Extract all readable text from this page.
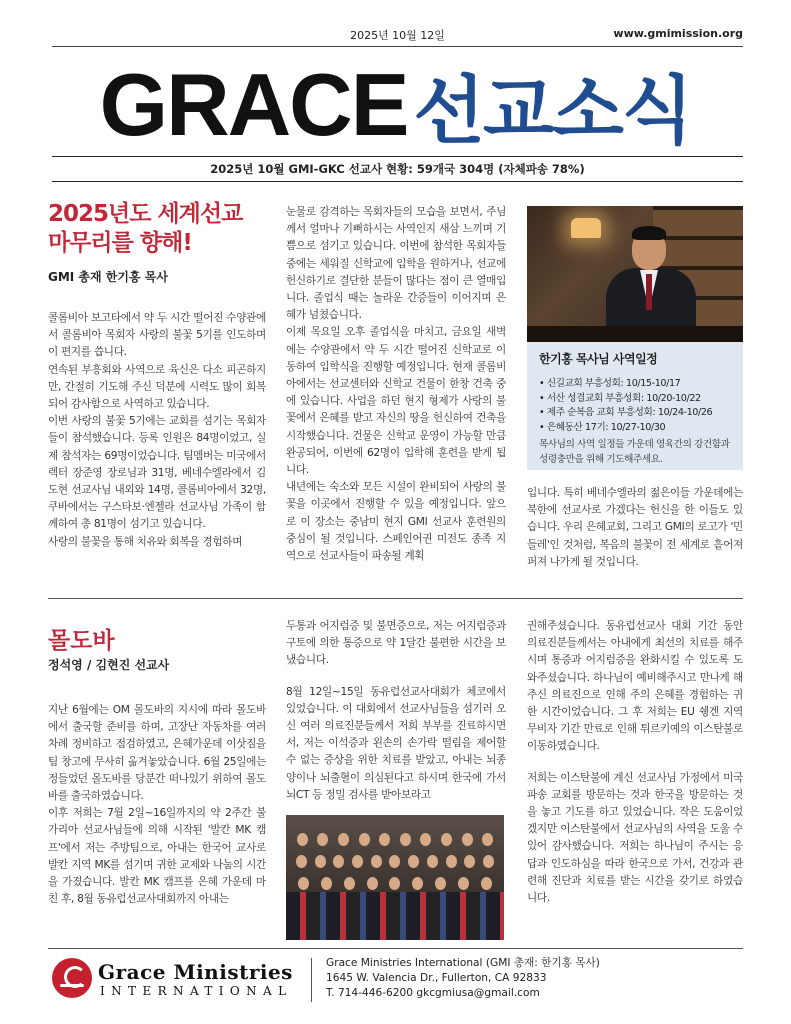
2025년 10월 12일	www.gmimission.org
GRACE선교소식
2025년 10월 GMI-GKC 선교사 현황: 59개국 304명 (자체파송 78%)
2025년도 세계선교
마무리를 향해!
GMI 총재 한기홍 목사

콜롬비아 보고타에서 약 두 시간 떨어진 수양관에서 콜롬비아 목회자 사랑의 불꽃 5기를 인도하며 이 편지를 씁니다.

연속된 부흥회와 사역으로 육신은 다소 피곤하지만, 간절히 기도해 주신 덕분에 시력도 많이 회복되어 감사함으로 사역하고 있습니다.

이번 사랑의 불꽃 5기에는 교회를 섬기는 목회자들이 참석했습니다. 등록 인원은 84명이었고, 실제 참석자는 69명이었습니다. 팀멤버는 미국에서 렉터 장준영 장로님과 31명, 베네수엘라에서 김도현 선교사님 내외와 14명, 콜롬비아에서 32명, 쿠바에서는 구스타보·엔젤라 선교사님 가족이 함께하여 총 81명이 섬기고 있습니다.

사랑의 불꽃을 통해 치유와 회복을 경험하며

눈물로 감격하는 목회자들의 모습을 보면서, 주님께서 얼마나 기뻐하시는 사역인지 새삼 느끼며 기쁨으로 섬기고 있습니다. 이번에 참석한 목회자들 중에는 세워질 신학교에 입학을 원하거나, 선교에 헌신하기로 결단한 분들이 많다는 점이 큰 열매입니다. 졸업식 때는 놀라운 간증들이 이어지며 은혜가 넘쳤습니다.

이제 목요일 오후 졸업식을 마치고, 금요일 새벽에는 수양관에서 약 두 시간 떨어진 신학교로 이동하여 입학식을 진행할 예정입니다. 현재 콜롬비아에서는 선교센터와 신학교 건물이 한창 건축 중에 있습니다. 사업을 하던 현지 형제가 사랑의 불꽃에서 은혜를 받고 자신의 땅을 헌신하여 건축을 시작했습니다. 건물은 신학교 운영이 가능할 만큼 완공되어, 이번에 62명이 입학해 훈련을 받게 됩니다.

내년에는 숙소와 모든 시설이 완비되어 사랑의 불꽃을 이곳에서 진행할 수 있을 예정입니다. 앞으로 이 장소는 중남미 현지 GMI 선교사 훈련원의 중심이 될 것입니다. 스페인어권 미전도 종족 지역으로 선교사들이 파송될 계획

한기홍 목사님 사역일정
• 신길교회 부흥성회: 10/15-10/17
• 서산 성결교회 부흥성회: 10/20-10/22
• 제주 순복음 교회 부흥성회: 10/24-10/26
• 은혜동산 17기: 10/27-10/30

목사님의 사역 일정들 가운데 영육간의 강건함과 성령충만을 위해 기도해주세요.

입니다. 특히 베네수엘라의 젊은이들 가운데에는 북한에 선교사로 가겠다는 헌신을 한 이들도 있습니다. 우리 은혜교회, 그리고 GMI의 로고가 '민들레'인 것처럼, 복음의 불꽃이 전 세계로 흩어져 퍼져 나가게 될 것입니다.

몰도바
정석영 / 김현진 선교사

지난 6월에는 OM 몰도바의 지시에 따라 몰도바에서 출국할 준비를 하며, 고장난 자동차를 여러 차례 정비하고 점검하였고, 은혜가운데 이삿짐을 팀 창고에 무사히 옮겨놓았습니다. 6월 25일에는 정들었던 몰도바를 당분간 떠나있기 위하여 몰도바를 출국하였습니다.

이후 저희는 7월 2일~16일까지의 약 2주간 불가리아 선교사님들에 의해 시작된 '발칸 MK 캠프'에서 저는 주방팀으로, 아내는 한국어 교사로 발칸 지역 MK를 섬기며 귀한 교제와 나눔의 시간을 가졌습니다. 발칸 MK 캠프를 은혜 가운데 마친 후, 8월 동유럽선교사대회까지 아내는

두통과 어지럼증 및 불면증으로, 저는 어지럼증과 구토에 의한 통증으로 약 1달간 불편한 시간을 보냈습니다.

8월 12일~15일 동유럽선교사대회가 체코에서 있었습니다. 이 대회에서 선교사님들을 섬기러 오신 여러 의료진분들께서 저희 부부를 진료하시면서, 저는 이석증과 왼손의 손가락 떨림을 제어할 수 없는 증상을 위한 치료를 받았고, 아내는 뇌종양이나 뇌출혈이 의심된다고 하시며 한국에 가서 뇌CT 등 정밀 검사를 받아보라고

권해주셨습니다. 동유럽선교사 대회 기간 동안 의료진분들께서는 아내에게 최선의 치료를 해주시며 통증과 어지럼증을 완화시킬 수 있도록 도와주셨습니다. 하나님이 예비해주시고 만나게 해주신 의료진으로 인해 주의 은혜를 경험하는 귀한 시간이었습니다. 그 후 저희는 EU 쉥겐 지역 무비자 기간 만료로 인해 튀르키예의 이스탄불로 이동하였습니다.

저희는 이스탄불에 계신 선교사님 가정에서 미국 파송 교회를 방문하는 것과 한국을 방문하는 것을 놓고 기도를 하고 있었습니다. 작은 도움이었겠지만 이스탄불에서 선교사님의 사역을 도울 수 있어 감사했습니다. 저희는 하나님이 주시는 응답과 인도하심을 따라 한국으로 가서, 건강과 관련해 진단과 치료를 받는 시간을 갖기로 하였습니다.

Grace Ministries
INTERNATIONAL
Grace Ministries International (GMI 총재: 한기홍 목사)
1645 W. Valencia Dr., Fullerton, CA 92833
T. 714-446-6200 gkcgmiusa@gmail.com
